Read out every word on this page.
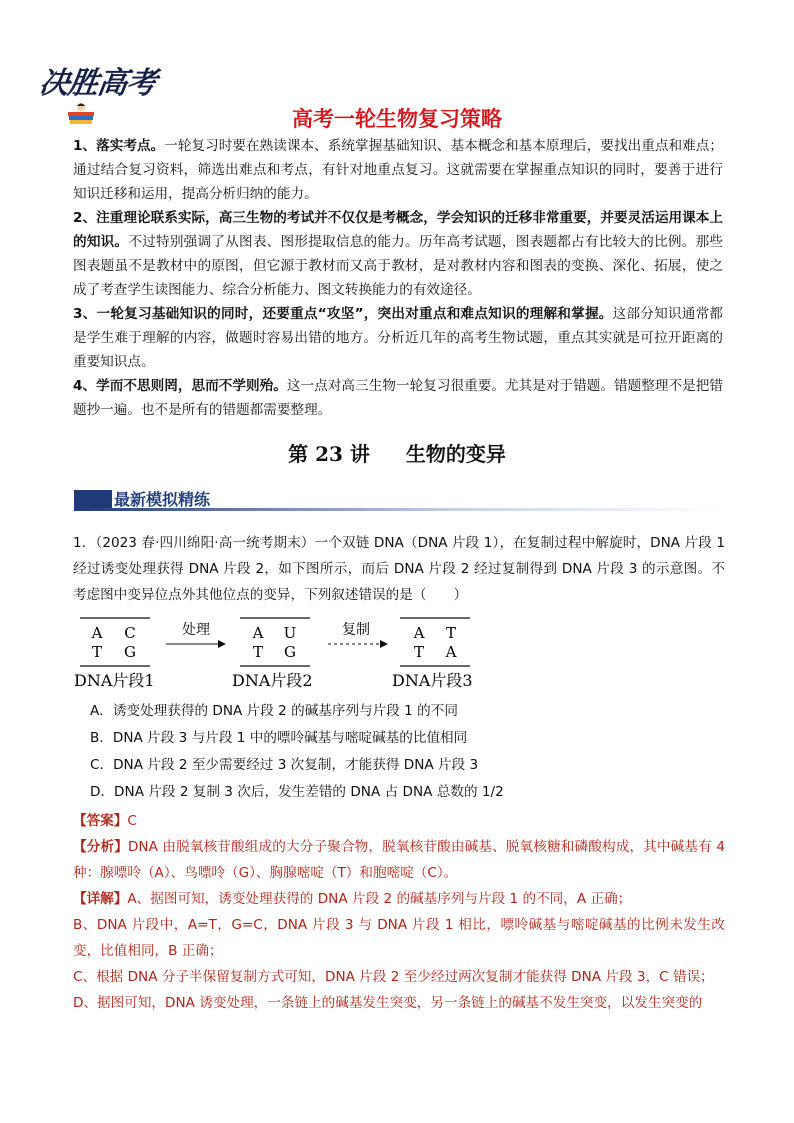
决胜高考
高考一轮生物复习策略

1、落实考点。一轮复习时要在熟读课本、系统掌握基础知识、基本概念和基本原理后，要找出重点和难点；通过结合复习资料，筛选出难点和考点，有针对地重点复习。这就需要在掌握重点知识的同时，要善于进行知识迁移和运用，提高分析归纳的能力。

2、注重理论联系实际，高三生物的考试并不仅仅是考概念，学会知识的迁移非常重要，并要灵活运用课本上的知识。不过特别强调了从图表、图形提取信息的能力。历年高考试题，图表题都占有比较大的比例。那些图表题虽不是教材中的原图，但它源于教材而又高于教材，是对教材内容和图表的变换、深化、拓展，使之成了考查学生读图能力、综合分析能力、图文转换能力的有效途径。

3、一轮复习基础知识的同时，还要重点“攻坚”，突出对重点和难点知识的理解和掌握。这部分知识通常都是学生难于理解的内容，做题时容易出错的地方。分析近几年的高考生物试题，重点其实就是可拉开距离的重要知识点。

4、学而不思则罔，思而不学则殆。这一点对高三生物一轮复习很重要。尤其是对于错题。错题整理不是把错题抄一遍。也不是所有的错题都需要整理。

第 23 讲 生物的变异
最新模拟精练

1．（2023 春·四川绵阳·高一统考期末）一个双链 DNA（DNA 片段 1），在复制过程中解旋时，DNA 片段 1 经过诱变处理获得 DNA 片段 2，如下图所示，而后 DNA 片段 2 经过复制得到 DNA 片段 3 的示意图。不考虑图中变异位点外其他位点的变异，下列叙述错误的是（　　）

A C
T G
DNA片段1
处理	A U
T G
DNA片段2
复制	A T
T A
DNA片段3

A．诱变处理获得的 DNA 片段 2 的碱基序列与片段 1 的不同

B．DNA 片段 3 与片段 1 中的嘌呤碱基与嘧啶碱基的比值相同

C．DNA 片段 2 至少需要经过 3 次复制，才能获得 DNA 片段 3

D．DNA 片段 2 复制 3 次后，发生差错的 DNA 占 DNA 总数的 1/2

【答案】C

【分析】DNA 由脱氧核苷酸组成的大分子聚合物，脱氧核苷酸由碱基、脱氧核糖和磷酸构成，其中碱基有 4 种：腺嘌呤（A）、鸟嘌呤（G）、胸腺嘧啶（T）和胞嘧啶（C）。

【详解】A、据图可知，诱变处理获得的 DNA 片段 2 的碱基序列与片段 1 的不同，A 正确；

B、DNA 片段中，A=T，G=C，DNA 片段 3 与 DNA 片段 1 相比，嘌呤碱基与嘧啶碱基的比例未发生改变，比值相同，B 正确；

C、根据 DNA 分子半保留复制方式可知，DNA 片段 2 至少经过两次复制才能获得 DNA 片段 3，C 错误；

D、据图可知，DNA 诱变处理，一条链上的碱基发生突变，另一条链上的碱基不发生突变，以发生突变的
